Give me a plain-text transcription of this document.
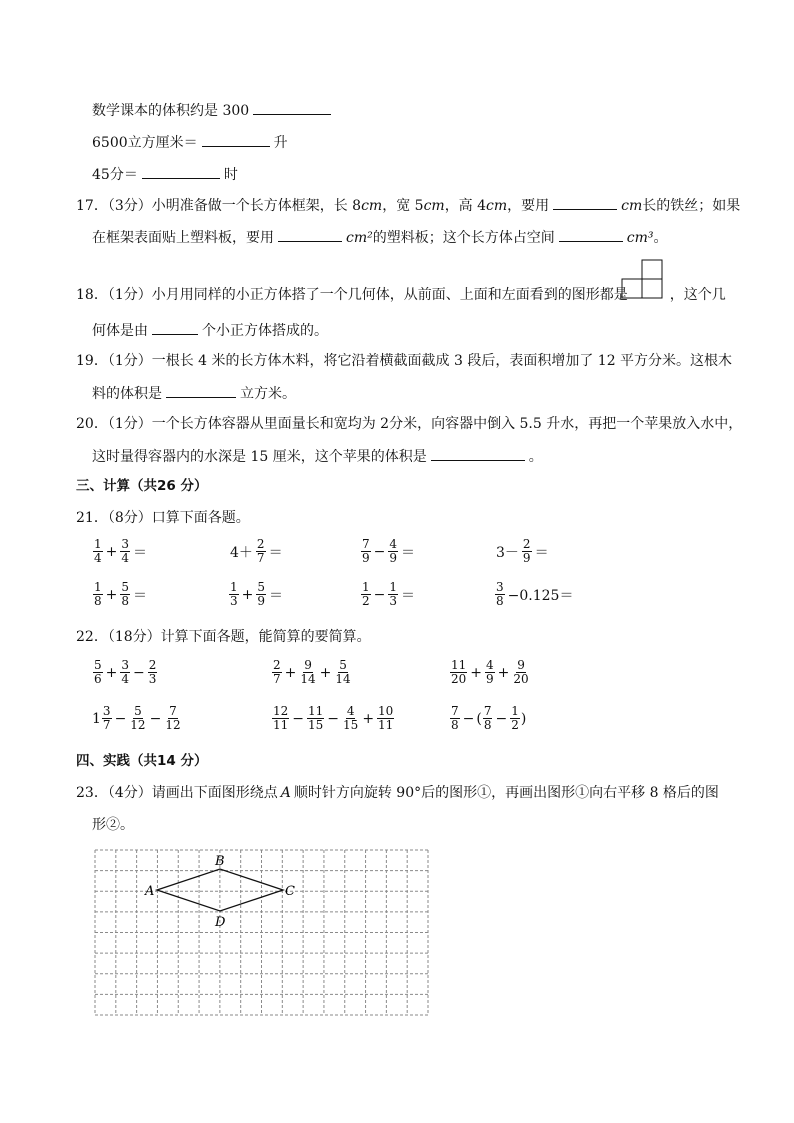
数学课本的体积约是 300
6500立方厘米＝	升
45分＝	时
17．（3分）小明准备做一个长方体框架，长 8cm，宽 5cm，高 4cm，要用	cm长的铁丝；如果
在框架表面贴上塑料板，要用	cm²的塑料板；这个长方体占空间	cm³。
18．（1分）小月用同样的小正方体搭了一个几何体，从前面、上面和左面看到的图形都是	，这个几
何体是由	个小正方体搭成的。
19．（1分）一根长 4 米的长方体木料，将它沿着横截面截成 3 段后，表面积增加了 12 平方分米。这根木
料的体积是	立方米。
20．（1分）一个长方体容器从里面量长和宽均为 2分米，向容器中倒入 5.5 升水，再把一个苹果放入水中，
这时量得容器内的水深是 15 厘米，这个苹果的体积是	。
三、计算（共26 分）
21．（8分）口算下面各题。
$\frac{1}{4} + \frac{3}{4}$ ＝	$4+ \frac{2}{7}$ ＝	$\frac{7}{9} - \frac{4}{9}$ ＝	$3- \frac{2}{9}$ ＝
$\frac{1}{8} + \frac{5}{8}$ ＝	$\frac{1}{3} + \frac{5}{9}$ ＝	$\frac{1}{2} - \frac{1}{3}$ ＝	$\frac{3}{8} -0.125=$
22．（18分）计算下面各题，能简算的要简算。
$\frac{5}{6} + \frac{3}{4} - \frac{2}{3}$	$\frac{2}{7} + \frac{9}{14} + \frac{5}{14}$	$\frac{11}{20} + \frac{4}{9} + \frac{9}{20}$
$1 \frac{3}{7} - \frac{5}{12} - \frac{7}{12}$	$\frac{12}{11} - \frac{11}{15} - \frac{4}{15} + \frac{10}{11}$	$\frac{7}{8}$ − ( $\frac{7}{8} - \frac{1}{2}$ )
四、实践（共14 分）
23．（4分）请画出下面图形绕点 A 顺时针方向旋转 90°后的图形①，再画出图形①向右平移 8 格后的图
形②。
A
B
C
D
